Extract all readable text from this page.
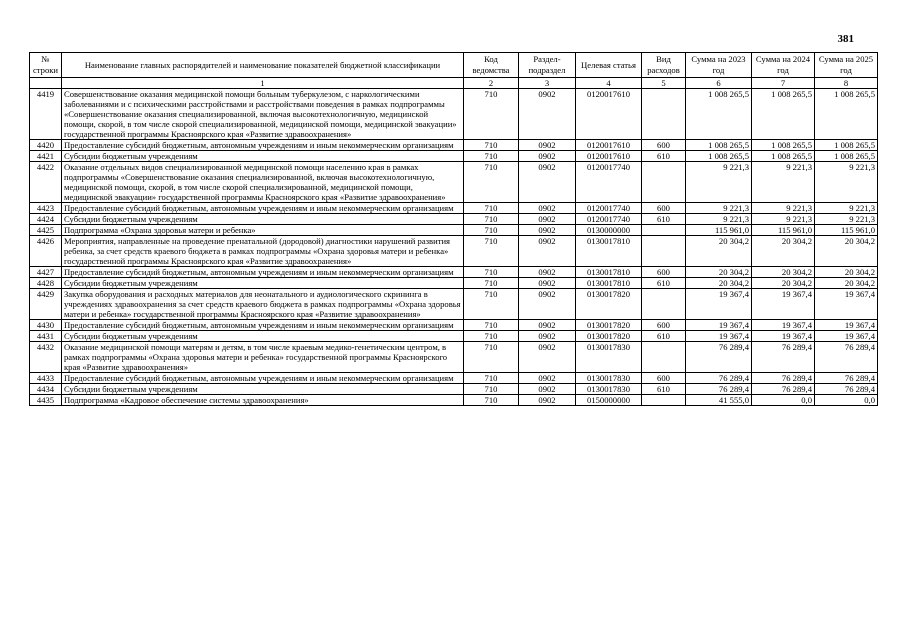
381
№ строки	Наименование главных распорядителей и наименование показателей бюджетной классификации	Код ведомства	Раздел-подраздел	Целевая статья	Вид расходов	Сумма на 2023 год	Сумма на 2024 год	Сумма на 2025 год
	1	2	3	4	5	6	7	8
4419	Совершенствование оказания медицинской помощи больным туберкулезом, с наркологическими заболеваниями и с психическими расстройствами и расстройствами поведения в рамках подпрограммы «Совершенствование оказания специализированной, включая высокотехнологичную, медицинской помощи, скорой, в том числе скорой специализированной, медицинской помощи, медицинской эвакуации» государственной программы Красноярского края «Развитие здравоохранения»	710	0902	0120017610		1 008 265,5	1 008 265,5	1 008 265,5
4420	Предоставление субсидий бюджетным, автономным учреждениям и иным некоммерческим организациям	710	0902	0120017610	600	1 008 265,5	1 008 265,5	1 008 265,5
4421	Субсидии бюджетным учреждениям	710	0902	0120017610	610	1 008 265,5	1 008 265,5	1 008 265,5
4422	Оказание отдельных видов специализированной медицинской помощи населению края в рамках подпрограммы «Совершенствование оказания специализированной, включая высокотехнологичную, медицинской помощи, скорой, в том числе скорой специализированной, медицинской помощи, медицинской эвакуации» государственной программы Красноярского края «Развитие здравоохранения»	710	0902	0120017740		9 221,3	9 221,3	9 221,3
4423	Предоставление субсидий бюджетным, автономным учреждениям и иным некоммерческим организациям	710	0902	0120017740	600	9 221,3	9 221,3	9 221,3
4424	Субсидии бюджетным учреждениям	710	0902	0120017740	610	9 221,3	9 221,3	9 221,3
4425	Подпрограмма «Охрана здоровья матери и ребенка»	710	0902	0130000000		115 961,0	115 961,0	115 961,0
4426	Мероприятия, направленные на проведение пренатальной (дородовой) диагностики нарушений развития ребенка, за счет средств краевого бюджета в рамках подпрограммы «Охрана здоровья матери и ребенка» государственной программы Красноярского края «Развитие здравоохранения»	710	0902	0130017810		20 304,2	20 304,2	20 304,2
4427	Предоставление субсидий бюджетным, автономным учреждениям и иным некоммерческим организациям	710	0902	0130017810	600	20 304,2	20 304,2	20 304,2
4428	Субсидии бюджетным учреждениям	710	0902	0130017810	610	20 304,2	20 304,2	20 304,2
4429	Закупка оборудования и расходных материалов для неонатального и аудиологического скрининга в учреждениях здравоохранения за счет средств краевого бюджета в рамках подпрограммы «Охрана здоровья матери и ребенка» государственной программы Красноярского края «Развитие здравоохранения»	710	0902	0130017820		19 367,4	19 367,4	19 367,4
4430	Предоставление субсидий бюджетным, автономным учреждениям и иным некоммерческим организациям	710	0902	0130017820	600	19 367,4	19 367,4	19 367,4
4431	Субсидии бюджетным учреждениям	710	0902	0130017820	610	19 367,4	19 367,4	19 367,4
4432	Оказание медицинской помощи матерям и детям, в том числе краевым медико-генетическим центром, в рамках подпрограммы «Охрана здоровья матери и ребенка» государственной программы Красноярского края «Развитие здравоохранения»	710	0902	0130017830		76 289,4	76 289,4	76 289,4
4433	Предоставление субсидий бюджетным, автономным учреждениям и иным некоммерческим организациям	710	0902	0130017830	600	76 289,4	76 289,4	76 289,4
4434	Субсидии бюджетным учреждениям	710	0902	0130017830	610	76 289,4	76 289,4	76 289,4
4435	Подпрограмма «Кадровое обеспечение системы здравоохранения»	710	0902	0150000000		41 555,0	0,0	0,0
